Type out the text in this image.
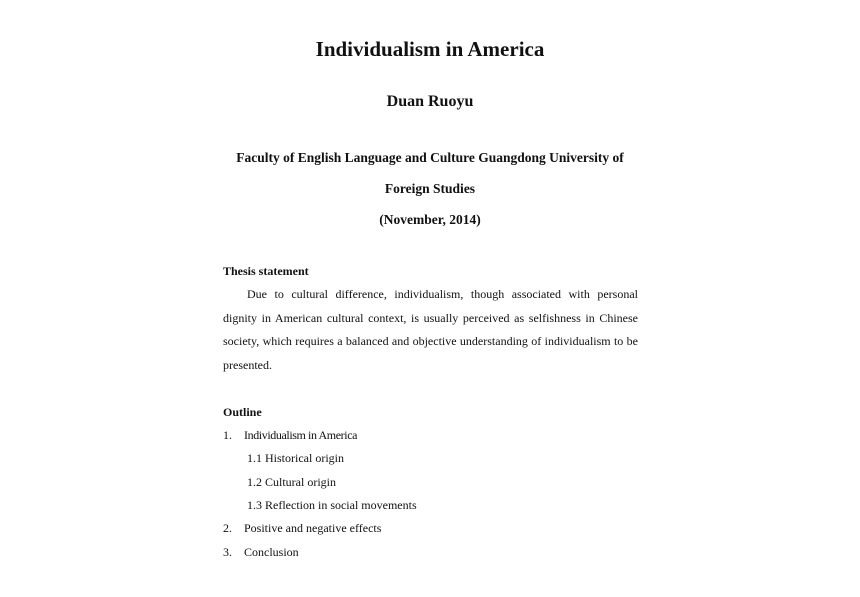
Individualism in America
Duan Ruoyu
Faculty of English Language and Culture Guangdong University of
Foreign Studies
(November, 2014)
Thesis statement
Due to cultural difference, individualism, though associated with personal
dignity in American cultural context, is usually perceived as selfishness in Chinese
society, which requires a balanced and objective understanding of individualism to be
presented.
Outline
1. Individualism in America
1.1 Historical origin
1.2 Cultural origin
1.3 Reflection in social movements
2. Positive and negative effects
3. Conclusion
